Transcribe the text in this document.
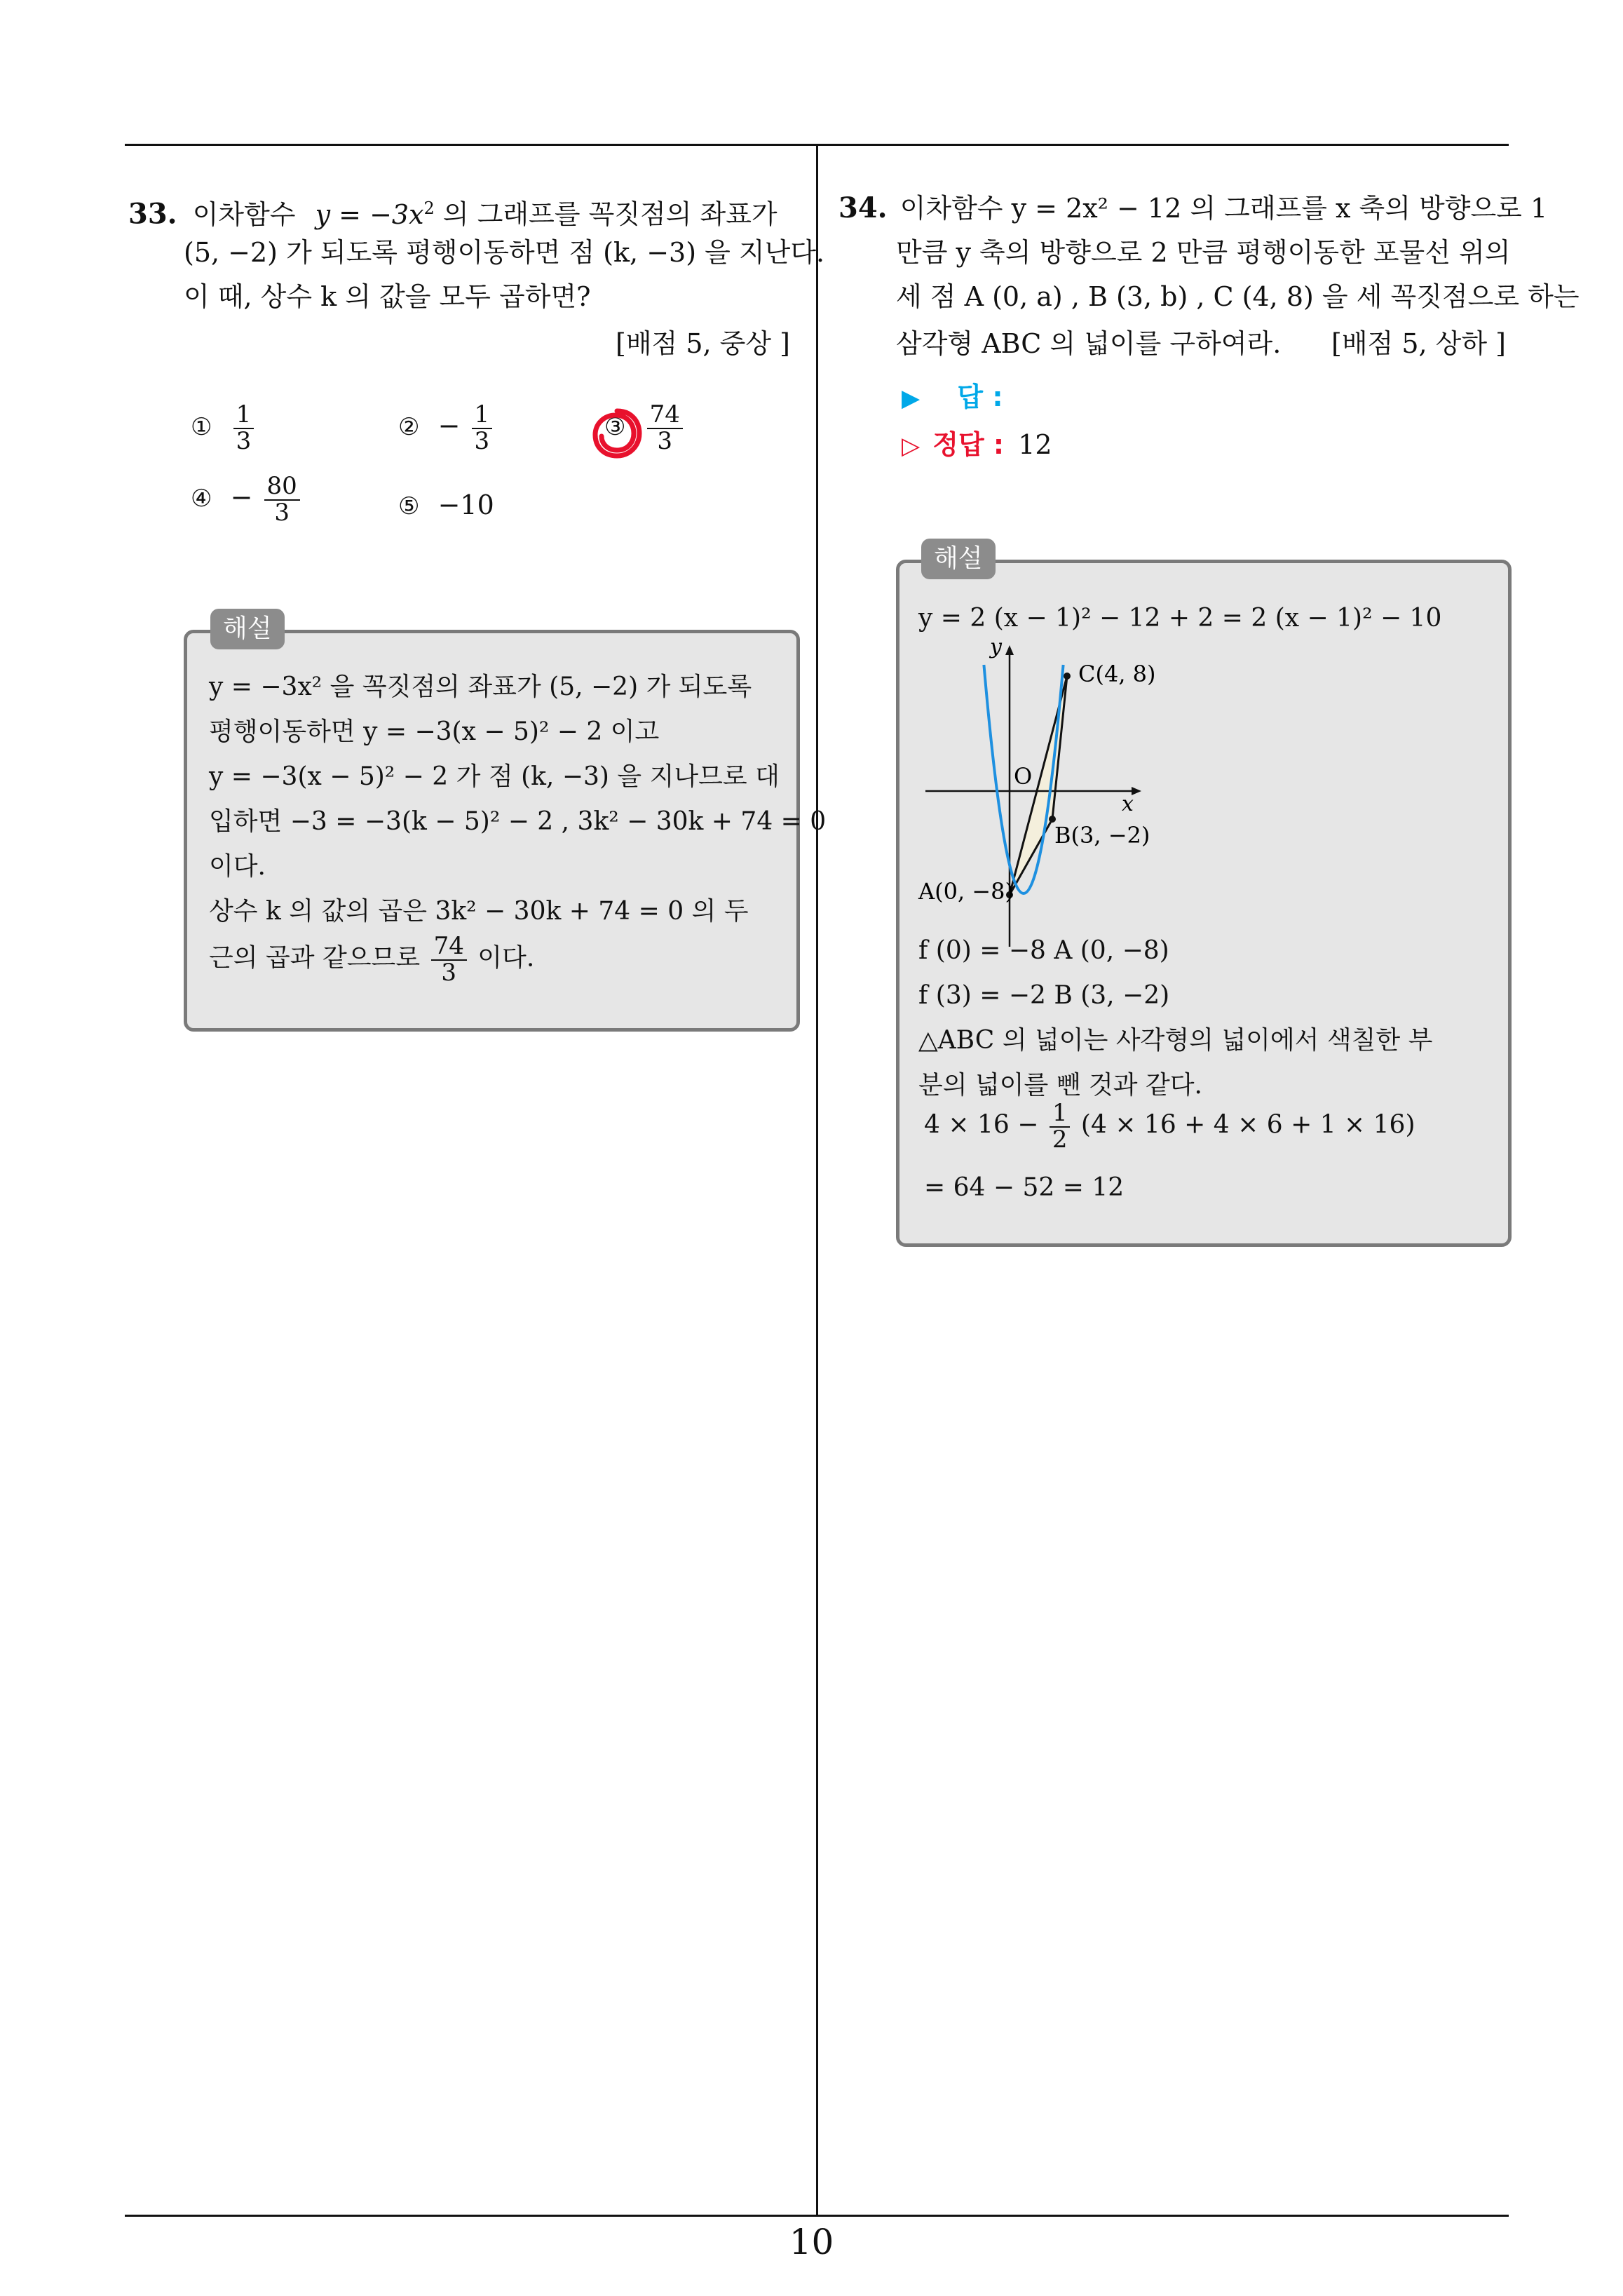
10
33. 이차함수 $y = -3x^2$ 의 그래프를 꼭짓점의 좌표가
(5, −2) 가 되도록 평행이동하면 점 (k, −3) 을 지난다.
이 때, 상수 k 의 값을 모두 곱하면?
[배점 5, 중상 ]
① $\frac{1}{3}$	② − $\frac{1}{3}$	③ $\frac{74}{3}$
④ − $\frac{80}{3}$	⑤ −10
해설
y = −3x² 을 꼭짓점의 좌표가 (5, −2) 가 되도록
평행이동하면 y = −3(x − 5)² − 2 이고
y = −3(x − 5)² − 2 가 점 (k, −3) 을 지나므로 대
입하면 −3 = −3(k − 5)² − 2 , 3k² − 30k + 74 = 0
이다.
상수 k 의 값의 곱은 3k² − 30k + 74 = 0 의 두
근의 곱과 같으므로 $\frac{74}{3}$ 이다.
34. 이차함수 y = 2x² − 12 의 그래프를 x 축의 방향으로 1
만큼 y 축의 방향으로 2 만큼 평행이동한 포물선 위의
세 점 A (0, a) , B (3, b) , C (4, 8) 을 세 꼭짓점으로 하는
삼각형 ABC 의 넓이를 구하여라. [배점 5, 상하 ]
▶ 답 :
▷ 정답 : 12
해설
y = 2 (x − 1)² − 12 + 2 = 2 (x − 1)² − 10
y
x
O
C(4, 8)
B(3, −2)
A(0, −8)
f (0) = −8 A (0, −8)
f (3) = −2 B (3, −2)
△ABC 의 넓이는 사각형의 넓이에서 색칠한 부
분의 넓이를 뺀 것과 같다.
$4 \times 16 - \frac{1}{2} (4 \times 16 + 4 \times 6 + 1 \times 16)$
= 64 − 52 = 12
